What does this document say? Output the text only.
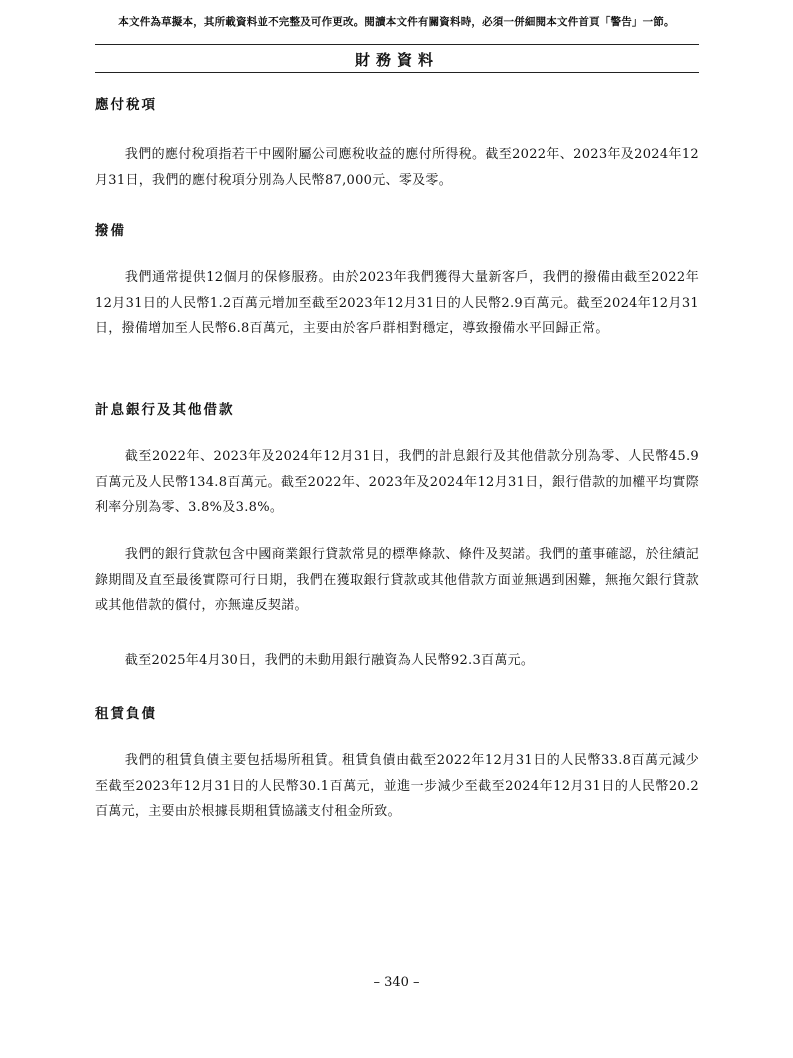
本文件為草擬本，其所載資料並不完整及可作更改。閱讀本文件有關資料時，必須一併細閱本文件首頁「警告」一節。
財務資料
應付稅項

我們的應付稅項指若干中國附屬公司應稅收益的應付所得稅。截至2022年、2023年及2024年12月31日，我們的應付稅項分別為人民幣87,000元、零及零。

撥備

我們通常提供12個月的保修服務。由於2023年我們獲得大量新客戶，我們的撥備由截至2022年12月31日的人民幣1.2百萬元增加至截至2023年12月31日的人民幣2.9百萬元。截至2024年12月31日，撥備增加至人民幣6.8百萬元，主要由於客戶群相對穩定，導致撥備水平回歸正常。

計息銀行及其他借款

截至2022年、2023年及2024年12月31日，我們的計息銀行及其他借款分別為零、人民幣45.9百萬元及人民幣134.8百萬元。截至2022年、2023年及2024年12月31日，銀行借款的加權平均實際利率分別為零、3.8%及3.8%。

我們的銀行貸款包含中國商業銀行貸款常見的標準條款、條件及契諾。我們的董事確認，於往績記錄期間及直至最後實際可行日期，我們在獲取銀行貸款或其他借款方面並無遇到困難，無拖欠銀行貸款或其他借款的償付，亦無違反契諾。

截至2025年4月30日，我們的未動用銀行融資為人民幣92.3百萬元。

租賃負債

我們的租賃負債主要包括場所租賃。租賃負債由截至2022年12月31日的人民幣33.8百萬元減少至截至2023年12月31日的人民幣30.1百萬元，並進一步減少至截至2024年12月31日的人民幣20.2百萬元，主要由於根據長期租賃協議支付租金所致。

– 340 –
